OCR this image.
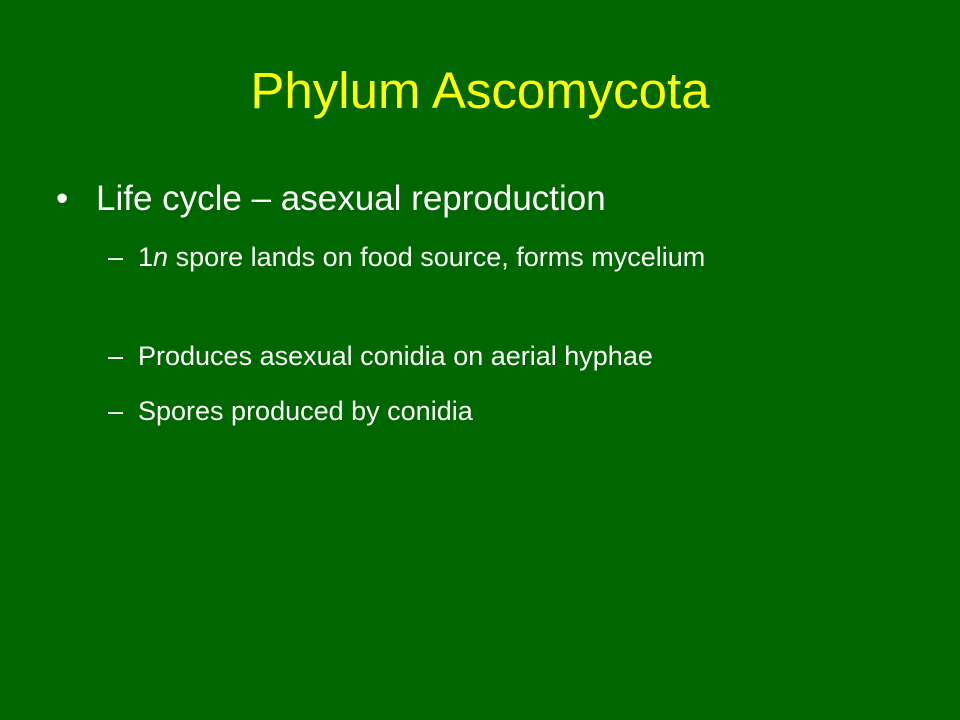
Phylum Ascomycota
• Life cycle – asexual reproduction
– 1n spore lands on food source, forms mycelium
– Produces asexual conidia on aerial hyphae
– Spores produced by conidia
